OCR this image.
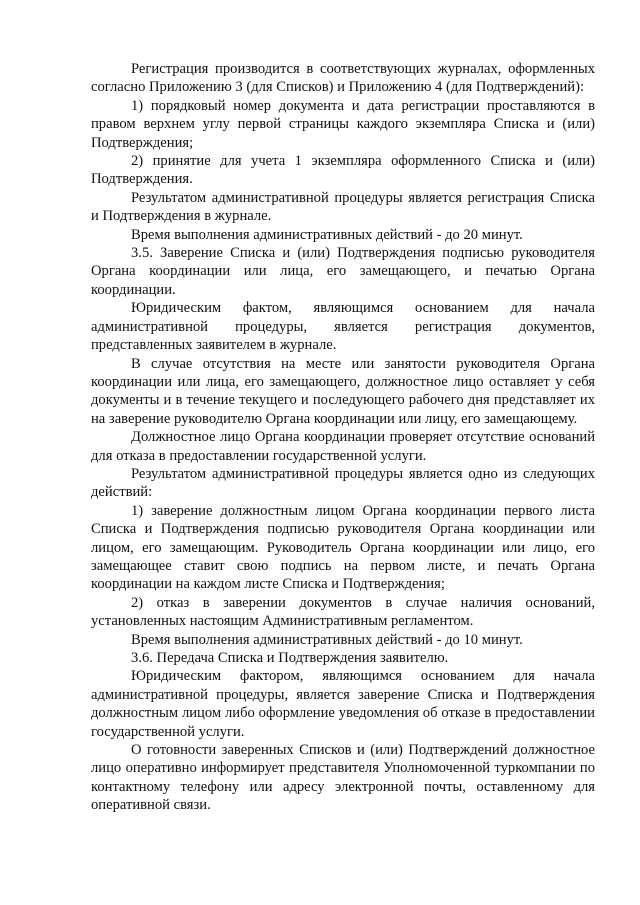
Регистрация производится в соответствующих журналах, оформленных согласно Приложению 3 (для Списков) и Приложению 4 (для Подтверждений):

1) порядковый номер документа и дата регистрации проставляются в правом верхнем углу первой страницы каждого экземпляра Списка и (или) Подтверждения;

2) принятие для учета 1 экземпляра оформленного Списка и (или) Подтверждения.

Результатом административной процедуры является регистрация Списка и Подтверждения в журнале.

Время выполнения административных действий - до 20 минут.

3.5. Заверение Списка и (или) Подтверждения подписью руководителя Органа координации или лица, его замещающего, и печатью Органа координации.

Юридическим фактом, являющимся основанием для начала административной процедуры, является регистрация документов, представленных заявителем в журнале.

В случае отсутствия на месте или занятости руководителя Органа координации или лица, его замещающего, должностное лицо оставляет у себя документы и в течение текущего и последующего рабочего дня представляет их на заверение руководителю Органа координации или лицу, его замещающему.

Должностное лицо Органа координации проверяет отсутствие оснований для отказа в предоставлении государственной услуги.

Результатом административной процедуры является одно из следующих действий:

1) заверение должностным лицом Органа координации первого листа Списка и Подтверждения подписью руководителя Органа координации или лицом, его замещающим. Руководитель Органа координации или лицо, его замещающее ставит свою подпись на первом листе, и печать Органа координации на каждом листе Списка и Подтверждения;

2) отказ в заверении документов в случае наличия оснований, установленных настоящим Административным регламентом.

Время выполнения административных действий - до 10 минут.

3.6. Передача Списка и Подтверждения заявителю.

Юридическим фактором, являющимся основанием для начала административной процедуры, является заверение Списка и Подтверждения должностным лицом либо оформление уведомления об отказе в предоставлении государственной услуги.

О готовности заверенных Списков и (или) Подтверждений должностное лицо оперативно информирует представителя Уполномоченной туркомпании по контактному телефону или адресу электронной почты, оставленному для оперативной связи.
